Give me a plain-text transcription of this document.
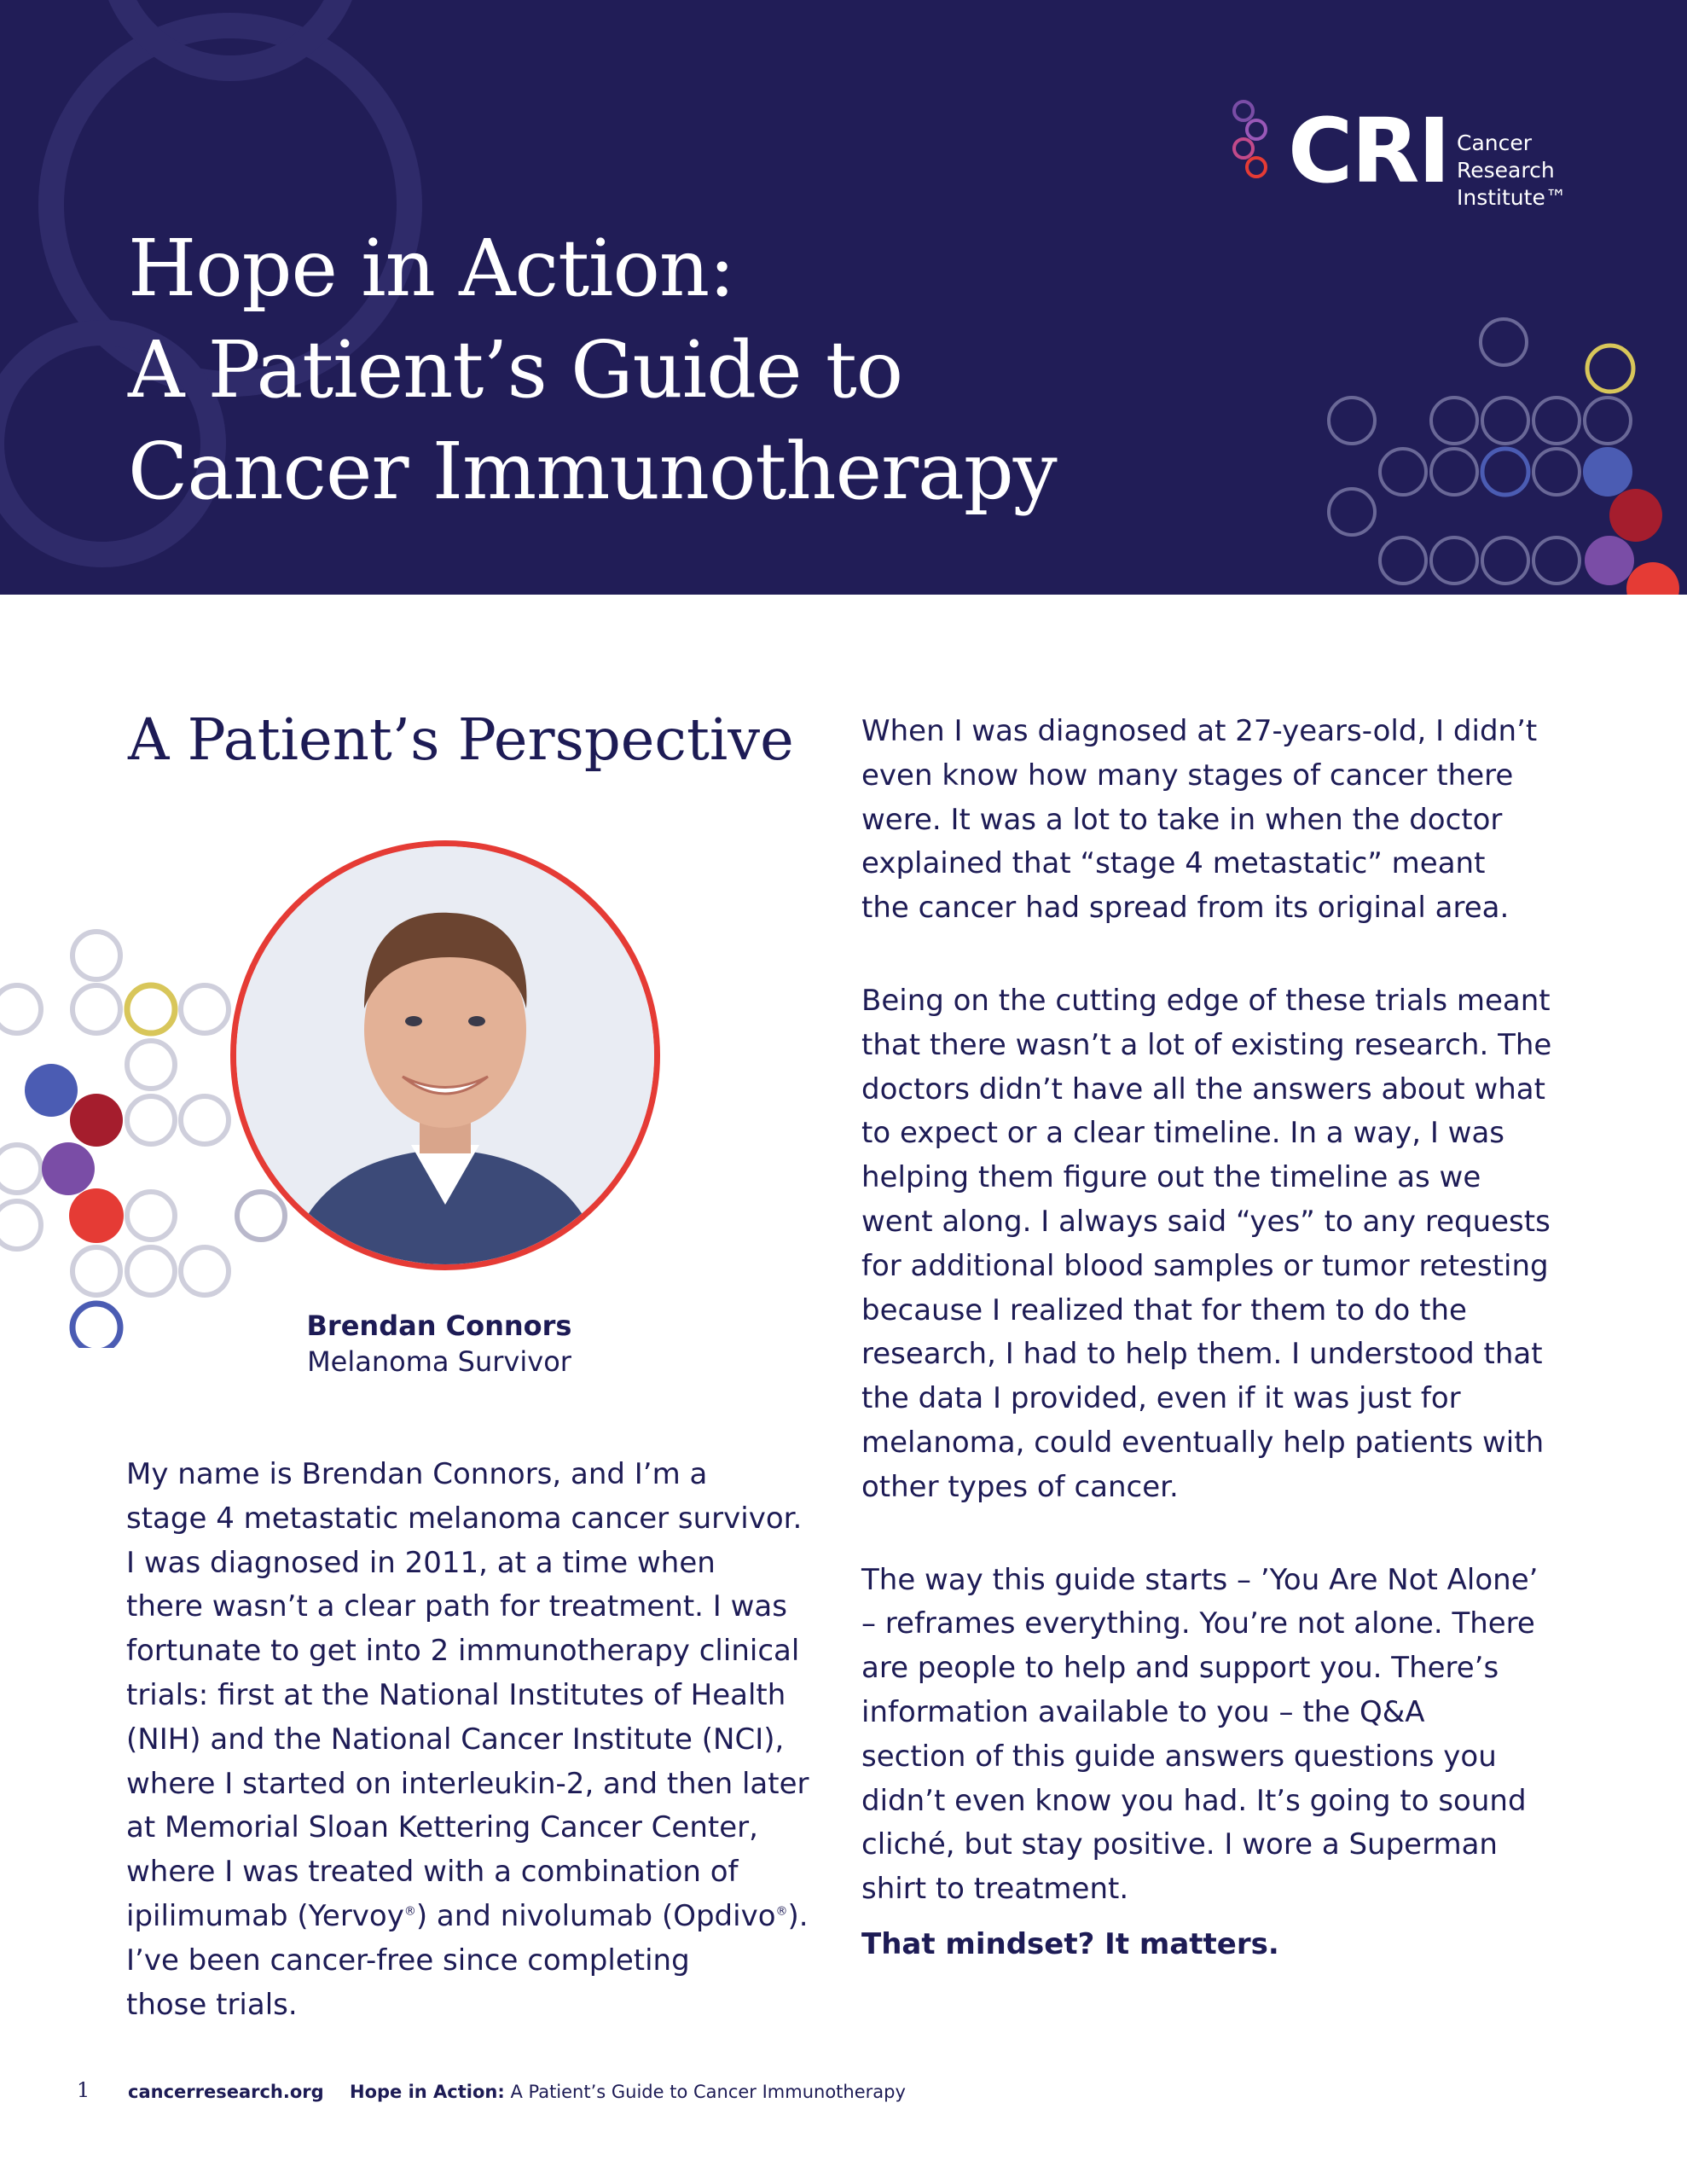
Hope in Action:
A Patient’s Guide to
Cancer Immunotherapy
CRI Cancer
Research
Institute™
A Patient’s Perspective
Brendan Connors
Melanoma Survivor
My name is Brendan Connors, and I’m a
stage 4 metastatic melanoma cancer survivor.
I was diagnosed in 2011, at a time when
there wasn’t a clear path for treatment. I was
fortunate to get into 2 immunotherapy clinical
trials: first at the National Institutes of Health
(NIH) and the National Cancer Institute (NCI),
where I started on interleukin-2, and then later
at Memorial Sloan Kettering Cancer Center,
where I was treated with a combination of
ipilimumab (Yervoy®) and nivolumab (Opdivo®).
I’ve been cancer-free since completing
those trials.

When I was diagnosed at 27-years-old, I didn’t
even know how many stages of cancer there
were. It was a lot to take in when the doctor
explained that “stage 4 metastatic” meant
the cancer had spread from its original area.

Being on the cutting edge of these trials meant
that there wasn’t a lot of existing research. The
doctors didn’t have all the answers about what
to expect or a clear timeline. In a way, I was
helping them figure out the timeline as we
went along. I always said “yes” to any requests
for additional blood samples or tumor retesting
because I realized that for them to do the
research, I had to help them. I understood that
the data I provided, even if it was just for
melanoma, could eventually help patients with
other types of cancer.

The way this guide starts – ’You Are Not Alone’
– reframes everything. You’re not alone. There
are people to help and support you. There’s
information available to you – the Q&A
section of this guide answers questions you
didn’t even know you had. It’s going to sound
cliché, but stay positive. I wore a Superman
shirt to treatment.

That mindset? It matters.

1 cancerresearch.org Hope in Action: A Patient’s Guide to Cancer Immunotherapy
